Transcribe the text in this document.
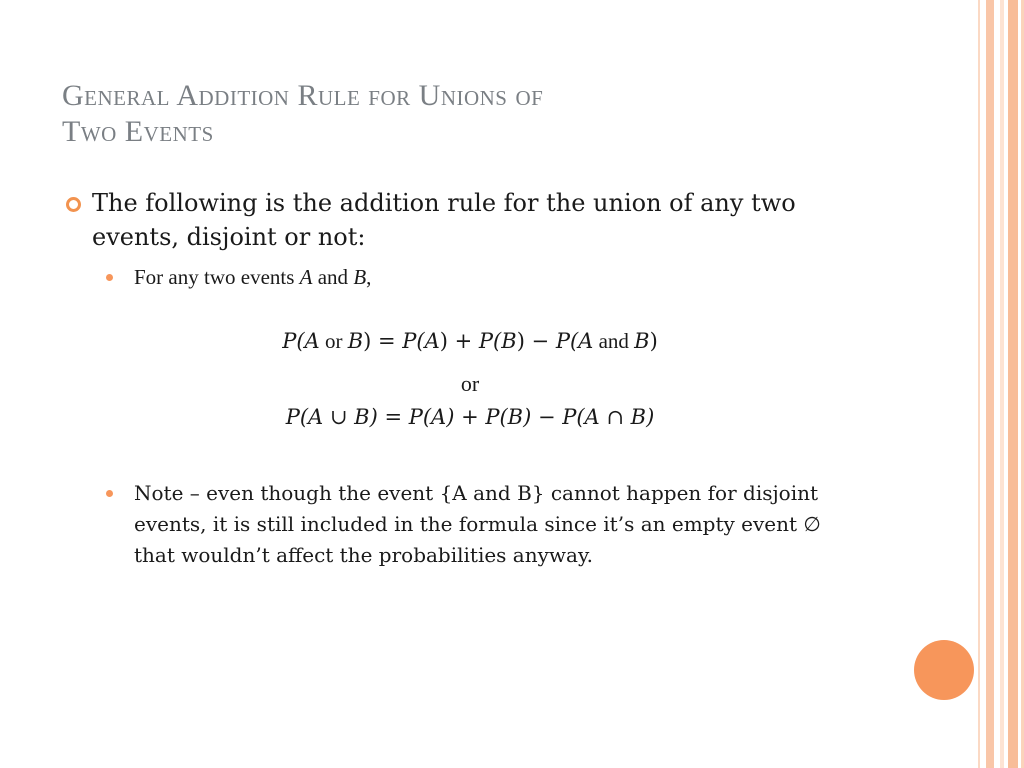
General Addition Rule for Unions of
Two Events
The following is the addition rule for the union of any two events, disjoint or not:
For any two events A and B,
P(A or B) = P(A) + P(B) − P(A and B)
or
P(A ∪ B) = P(A) + P(B) − P(A ∩ B)
Note – even though the event {A and B} cannot happen for disjoint events, it is still included in the formula since it’s an empty event ∅ that wouldn’t affect the probabilities anyway.
